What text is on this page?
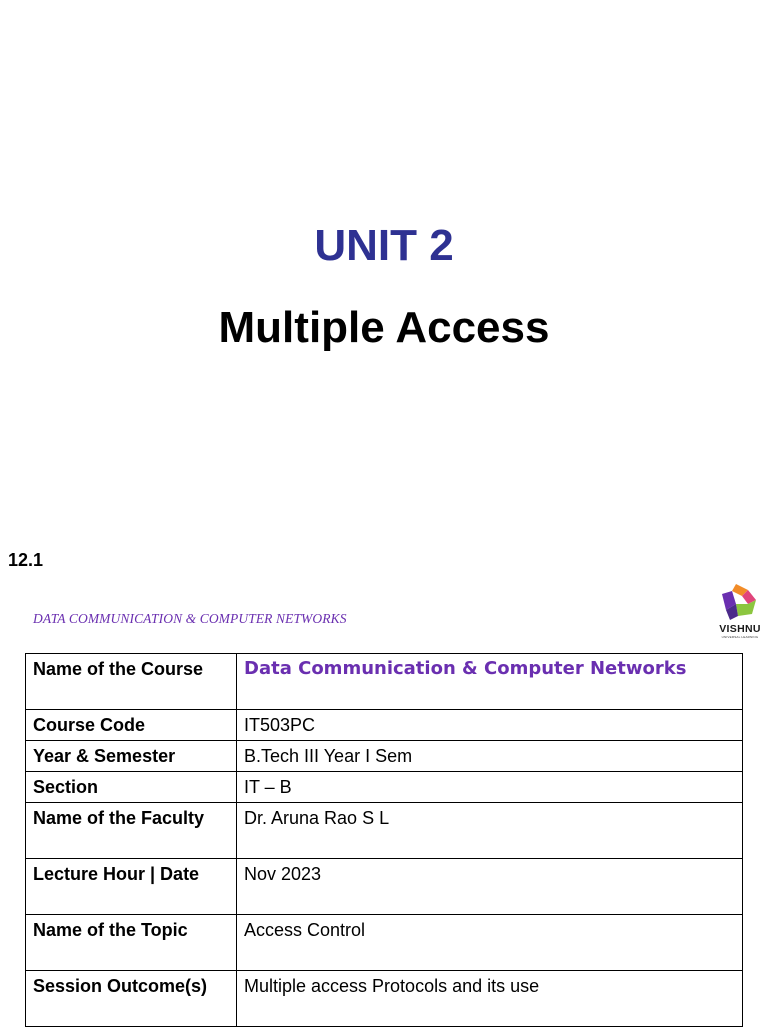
UNIT 2
Multiple Access
12.1
DATA COMMUNICATION & COMPUTER NETWORKS
VISHNU
UNIVERSAL LEARNING
Name of the Course	Data Communication & Computer Networks
Course Code	IT503PC
Year & Semester	B.Tech III Year I Sem
Section	IT – B
Name of the Faculty	Dr. Aruna Rao S L
Lecture Hour | Date	Nov 2023
Name of the Topic	Access Control
Session Outcome(s)	Multiple access Protocols and its use
